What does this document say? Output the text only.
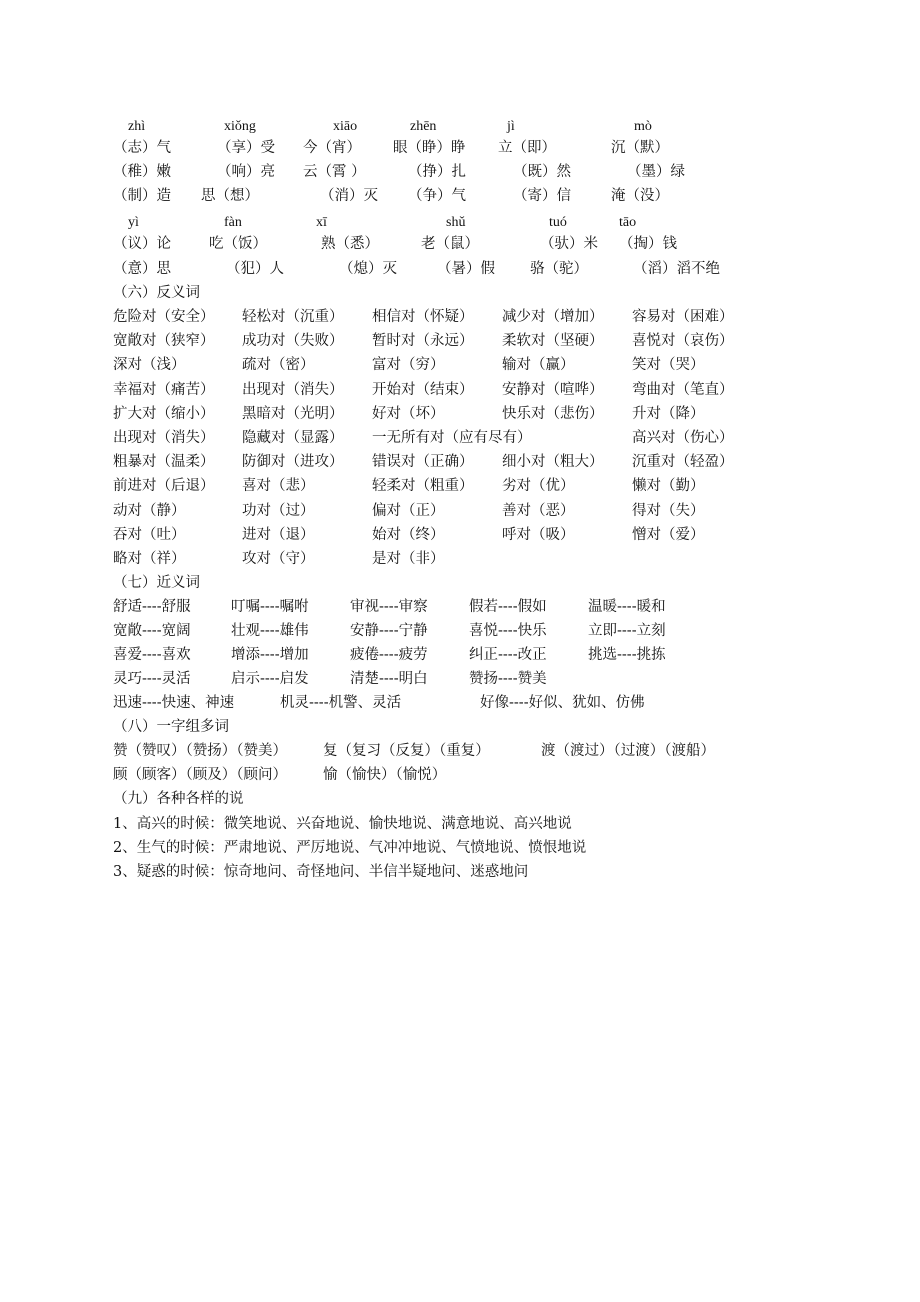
zhì	xiǒng	xiāo	zhēn	jì	mò
（志）气	（享）受 今（宵） 眼（睁）睁 立（即）	沉（默）
（稚）嫩	（响）亮 云（霄 ）	（挣）扎	（既）然	（墨）绿
（制）造 思（想）	（消）灭 （争）气	（寄）信	淹（没）
yì	fàn	xī	shǔ	tuó	tāo
（议）论	吃（饭）	熟（悉）	老（鼠）	（驮）米 （掏）钱
（意）思	（犯）人	（熄）灭	（暑）假 骆（驼）	（滔）滔不绝
（六）反义词
危险对（安全） 轻松对（沉重） 相信对（怀疑） 减少对（增加） 容易对（困难）
宽敞对（狭窄） 成功对（失败） 暂时对（永远） 柔软对（坚硬） 喜悦对（哀伤）
深对（浅）	疏对（密）	富对（穷）	输对（赢）	笑对（哭）
幸福对（痛苦） 出现对（消失） 开始对（结束） 安静对（喧哗） 弯曲对（笔直）
扩大对（缩小） 黑暗对（光明） 好对（坏）	快乐对（悲伤） 升对（降）
出现对（消失） 隐藏对（显露） 一无所有对（应有尽有）	高兴对（伤心）
粗暴对（温柔） 防御对（进攻） 错误对（正确） 细小对（粗大） 沉重对（轻盈）
前进对（后退） 喜对（悲）	轻柔对（粗重） 劣对（优）	懒对（勤）
动对（静）	功对（过）	偏对（正）	善对（恶）	得对（失）
吞对（吐）	进对（退）	始对（终）	呼对（吸）	憎对（爱）
略对（祥）	攻对（守）	是对（非）
（七）近义词
舒适----舒服	叮嘱----嘱咐	审视----审察	假若----假如	温暖----暖和
宽敞----宽阔	壮观----雄伟	安静----宁静	喜悦----快乐	立即----立刻
喜爱----喜欢	增添----增加	疲倦----疲劳	纠正----改正	挑选----挑拣
灵巧----灵活	启示----启发	清楚----明白	赞扬----赞美
迅速----快速、神速	机灵----机警、灵活	好像----好似、犹如、仿佛
（八）一字组多词
赞（赞叹）（赞扬）（赞美） 复（复习（反复）（重复）	渡（渡过）（过渡）（渡船）
顾（顾客）（顾及）（顾问） 愉（愉快）（愉悦）
（九）各种各样的说
1、高兴的时候：微笑地说、兴奋地说、愉快地说、满意地说、高兴地说
2、生气的时候：严肃地说、严厉地说、气冲冲地说、气愤地说、愤恨地说
3、疑惑的时候：惊奇地问、奇怪地问、半信半疑地问、迷惑地问
